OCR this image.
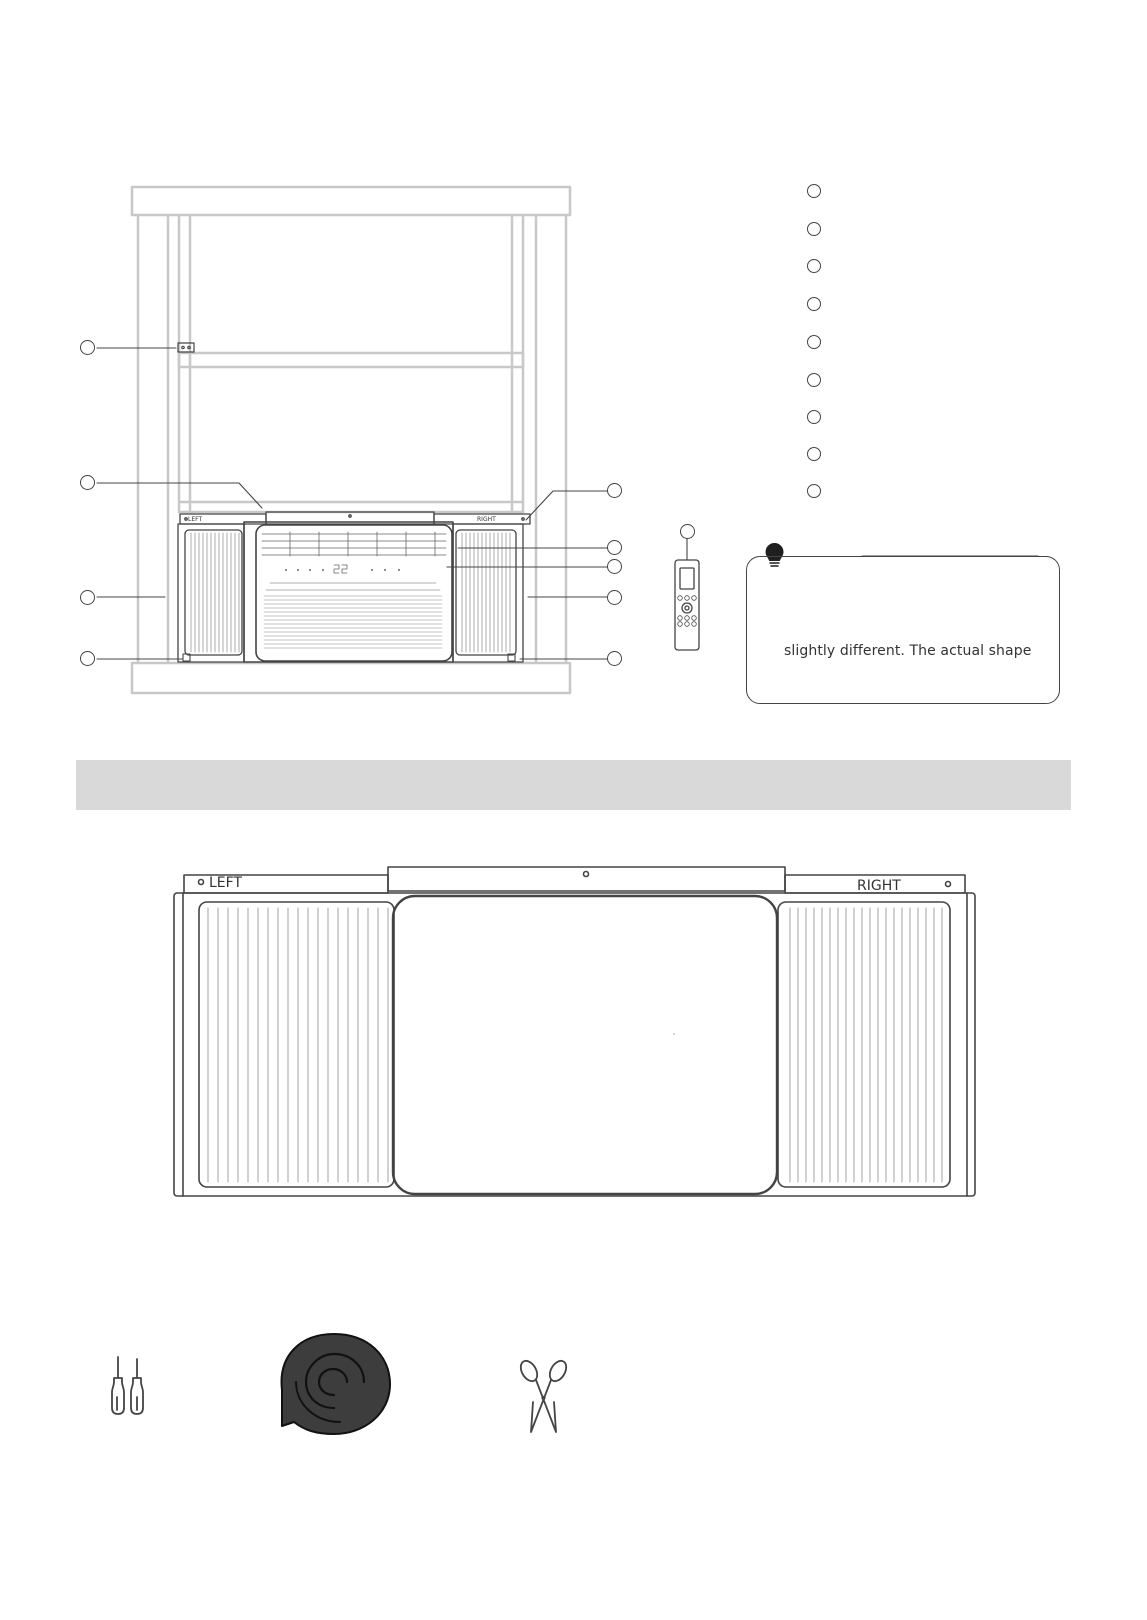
LEFT	RIGHT
slightly different. The actual shape
LEFT	RIGHT
